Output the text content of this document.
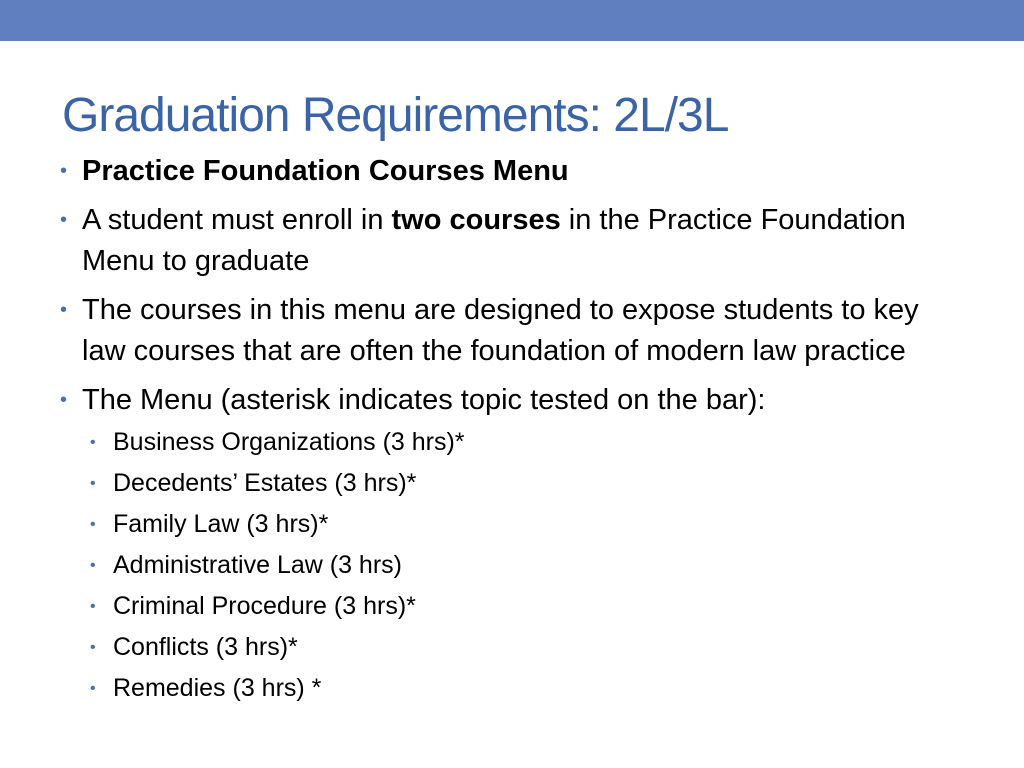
Graduation Requirements: 2L/3L
• Practice Foundation Courses Menu
• A student must enroll in two courses in the Practice Foundation Menu to graduate
• The courses in this menu are designed to expose students to key law courses that are often the foundation of modern law practice
• The Menu (asterisk indicates topic tested on the bar):
• Business Organizations (3 hrs)*
• Decedents’ Estates (3 hrs)*
• Family Law (3 hrs)*
• Administrative Law (3 hrs)
• Criminal Procedure (3 hrs)*
• Conflicts (3 hrs)*
• Remedies (3 hrs) *
